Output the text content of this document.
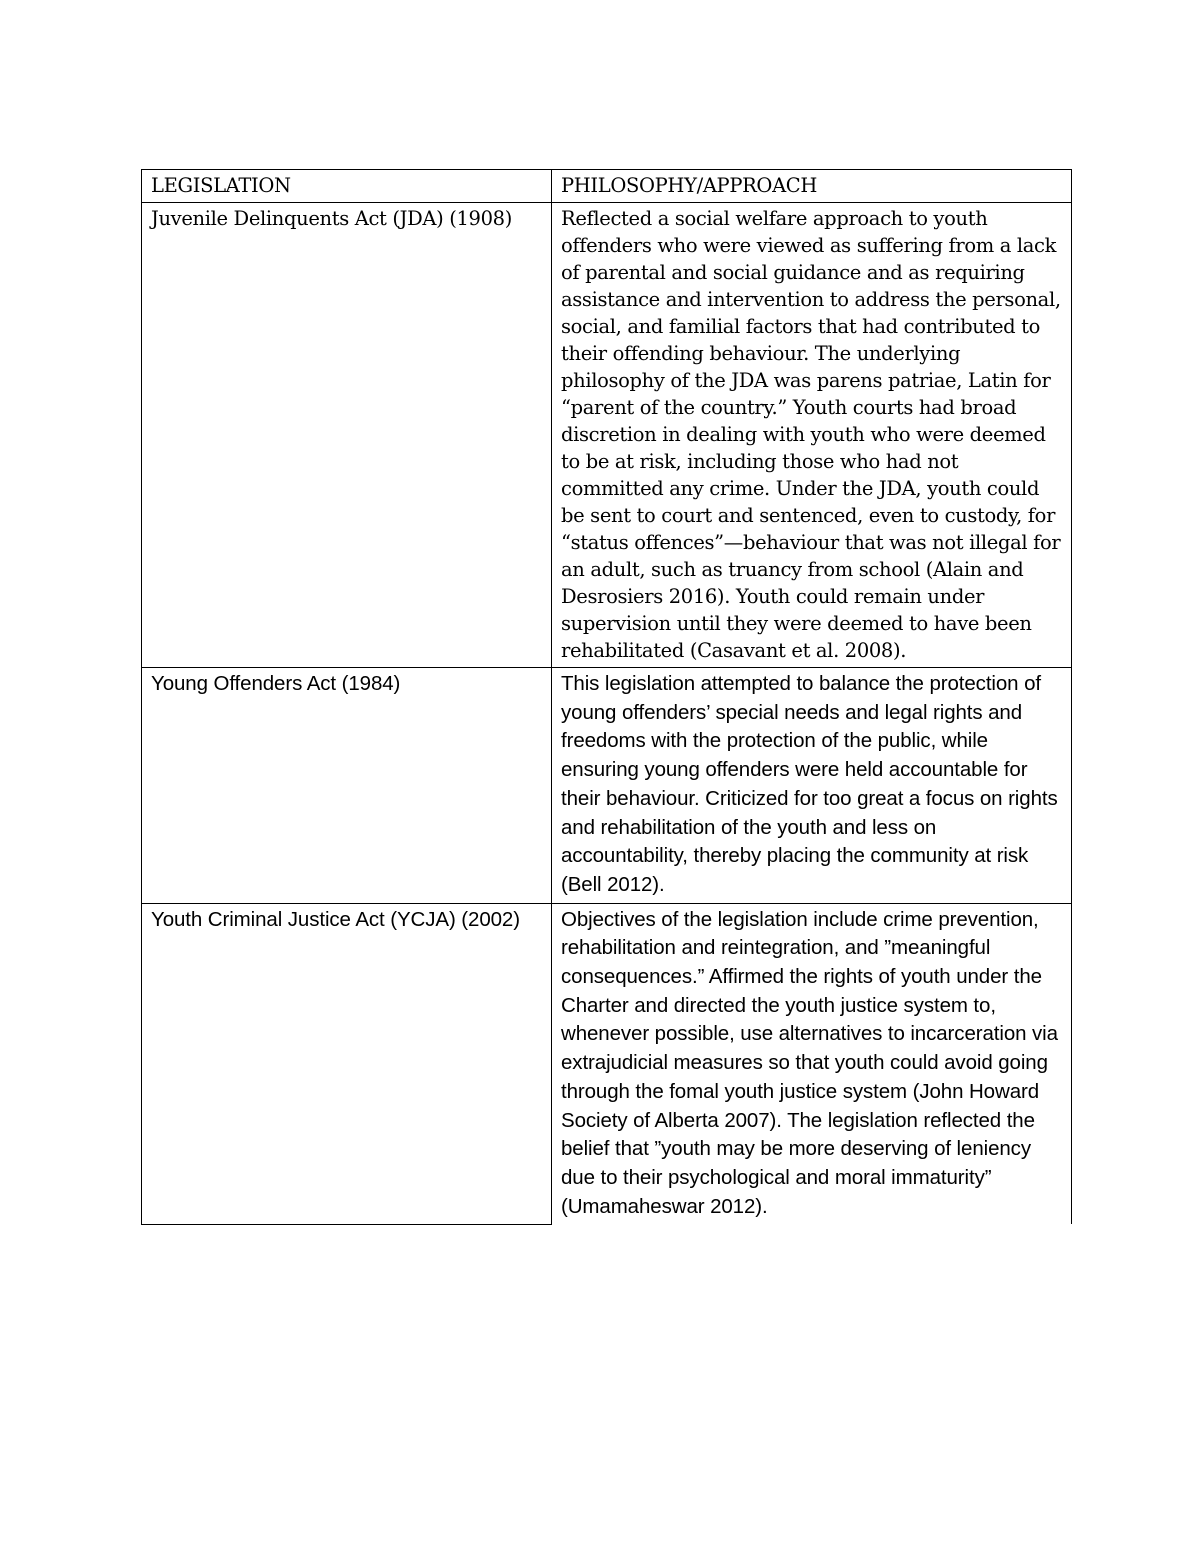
LEGISLATION	PHILOSOPHY/APPROACH
Juvenile Delinquents Act (JDA) (1908)	Reflected a social welfare approach to youth offenders who were viewed as suffering from a lack of parental and social guidance and as requiring assistance and intervention to address the personal, social, and familial factors that had contributed to their offending behaviour. The underlying philosophy of the JDA was parens patriae, Latin for “parent of the country.” Youth courts had broad discretion in dealing with youth who were deemed to be at risk, including those who had not committed any crime. Under the JDA, youth could be sent to court and sentenced, even to custody, for “status offences”—behaviour that was not illegal for an adult, such as truancy from school (Alain and Desrosiers 2016). Youth could remain under supervision until they were deemed to have been rehabilitated (Casavant et al. 2008).
Young Offenders Act (1984)	This legislation attempted to balance the protection of young offenders’ special needs and legal rights and freedoms with the protection of the public, while ensuring young offenders were held accountable for their behaviour. Criticized for too great a focus on rights and rehabilitation of the youth and less on accountability, thereby placing the community at risk (Bell 2012).
Youth Criminal Justice Act (YCJA) (2002)	Objectives of the legislation include crime prevention, rehabilitation and reintegration, and ”meaningful consequences.” Affirmed the rights of youth under the Charter and directed the youth justice system to, whenever possible, use alternatives to incarceration via extrajudicial measures so that youth could avoid going through the fomal youth justice system (John Howard Society of Alberta 2007). The legislation reflected the belief that ”youth may be more deserving of leniency due to their psychological and moral immaturity” (Umamaheswar 2012).
